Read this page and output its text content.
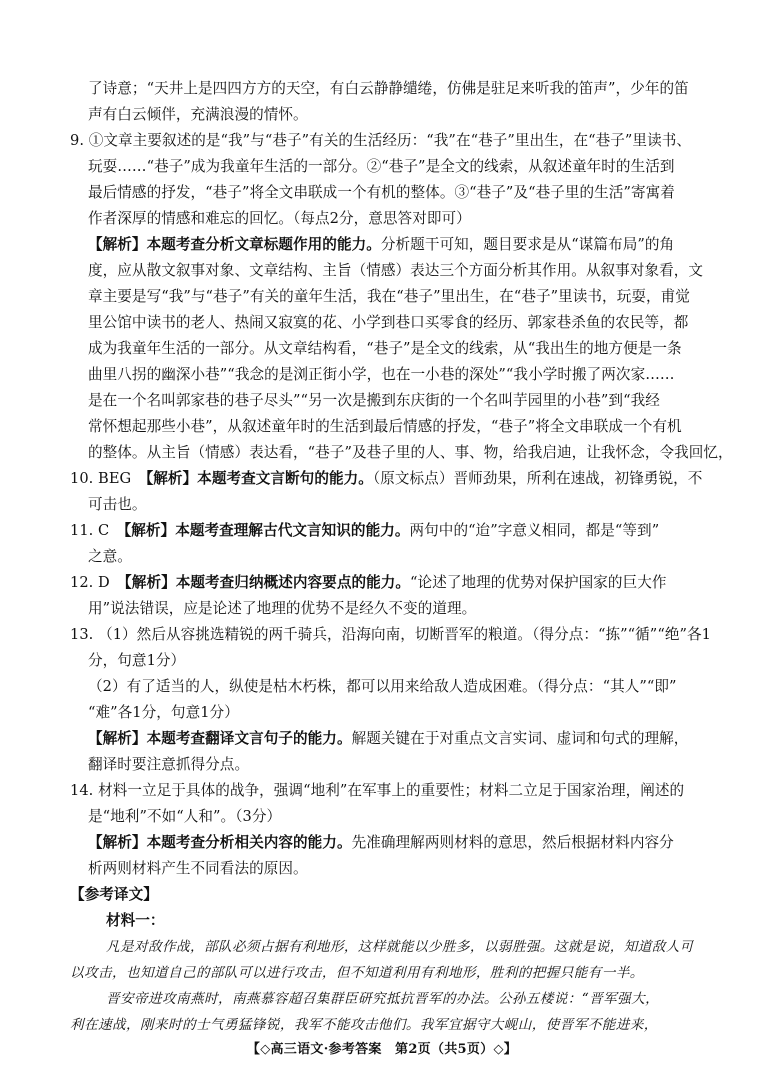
了诗意；“天井上是四四方方的天空，有白云静静缱绻，仿佛是驻足来听我的笛声”，少年的笛
声有白云倾伴，充满浪漫的情怀。
9. ①文章主要叙述的是“我”与“巷子”有关的生活经历：“我”在“巷子”里出生，在“巷子”里读书、
玩耍……“巷子”成为我童年生活的一部分。②“巷子”是全文的线索，从叙述童年时的生活到
最后情感的抒发，“巷子”将全文串联成一个有机的整体。③“巷子”及“巷子里的生活”寄寓着
作者深厚的情感和难忘的回忆。（每点2分，意思答对即可）
【解析】本题考查分析文章标题作用的能力。分析题干可知，题目要求是从“谋篇布局”的角
度，应从散文叙事对象、文章结构、主旨（情感）表达三个方面分析其作用。从叙事对象看，文
章主要是写“我”与“巷子”有关的童年生活，我在“巷子”里出生，在“巷子”里读书，玩耍，甫觉
里公馆中读书的老人、热闹又寂寞的花、小学到巷口买零食的经历、郭家巷杀鱼的农民等，都
成为我童年生活的一部分。从文章结构看，“巷子”是全文的线索，从“我出生的地方便是一条
曲里八拐的幽深小巷”“我念的是浏正街小学，也在一小巷的深处”“我小学时搬了两次家……
是在一个名叫郭家巷的巷子尽头”“另一次是搬到东庆街的一个名叫芋园里的小巷”到“我经
常怀想起那些小巷”，从叙述童年时的生活到最后情感的抒发，“巷子”将全文串联成一个有机
的整体。从主旨（情感）表达看，“巷子”及巷子里的人、事、物，给我启迪，让我怀念，令我回忆，
10. BEG　【解析】本题考查文言断句的能力。（原文标点）晋师劲果，所利在速战，初锋勇锐，不
可击也。
11. C　【解析】本题考查理解古代文言知识的能力。两句中的“迨”字意义相同，都是“等到”
之意。
12. D　【解析】本题考查归纳概述内容要点的能力。“论述了地理的优势对保护国家的巨大作
用”说法错误，应是论述了地理的优势不是经久不变的道理。
13. （1）然后从容挑选精锐的两千骑兵，沿海向南，切断晋军的粮道。（得分点：“拣”“循”“绝”各1
分，句意1分）
（2）有了适当的人，纵使是枯木朽株，都可以用来给敌人造成困难。（得分点：“其人”“即”
“难”各1分，句意1分）
【解析】本题考查翻译文言句子的能力。解题关键在于对重点文言实词、虚词和句式的理解，
翻译时要注意抓得分点。
14. 材料一立足于具体的战争，强调“地利”在军事上的重要性；材料二立足于国家治理，阐述的
是“地利”不如“人和”。（3分）
【解析】本题考查分析相关内容的能力。先准确理解两则材料的意思，然后根据材料内容分
析两则材料产生不同看法的原因。
【参考译文】
材料一：
凡是对敌作战，部队必须占据有利地形，这样就能以少胜多，以弱胜强。这就是说，知道敌人可
以攻击，也知道自己的部队可以进行攻击，但不知道利用有利地形，胜利的把握只能有一半。
晋安帝进攻南燕时，南燕慕容超召集群臣研究抵抗晋军的办法。公孙五楼说：“晋军强大，
利在速战，刚来时的士气勇猛锋锐，我军不能攻击他们。我军宜据守大岘山，使晋军不能进来，
【◇高三语文·参考答案　第2页（共5页）◇】
